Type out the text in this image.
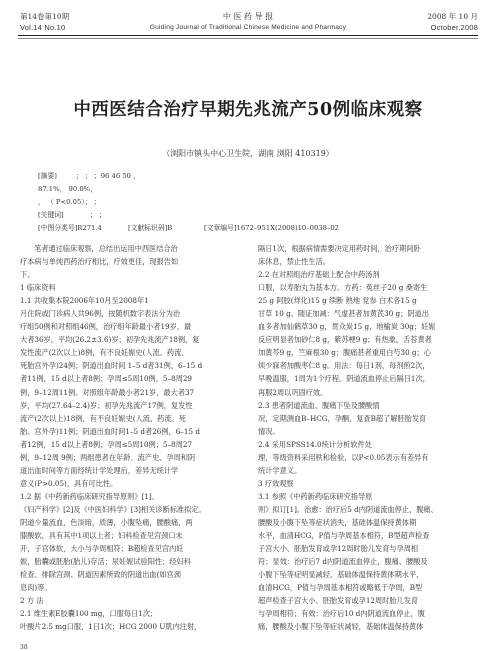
第14卷第10期
Vol.14 No.10
中 医 药 导 报
Guiding Journal of Traditional Chinese Medicine and Pharmacy
2008 年 10 月
October.2008
中西医结合治疗早期先兆流产50例临床观察
（浏阳市镇头中心卫生院，湖南 浏阳 410319）
[摘要]	； ； ；96 46 50 ，
87.1%， 90.0%，
， （ P<0.05）； ；
[关键词]	； ；
[中图分类号]R271.4	[文献标识码]B	[文章编号]1672–951X(2008)10–0038–02

笔者通过临床观察，总结出运用中西医结合治

疗本病与单纯西药治疗相比，疗效更佳，现报告如

下。

1 临床资料

1.1 共收集本院2006年10月至2008年1

月住院或门诊病人共96例，按随机数字表法分为治

疗组50例和对照组46例，治疗组年龄最小者19岁，最

大者36岁，平均(26.2±3.6)岁；初孕先兆流产18例，复

发性流产(2次以上)8例，有不良妊娠史(人流、药流、

死胎宫外孕)24例；阴道出血时间 1–5 d者31例，6–15 d

者11例，15 d以上者8例；孕周≤5周10例，5–8周29

例，9–12周11例。对照组年龄最小者21岁，最大者37

岁，平均(27.64–2.4)岁；初孕先兆流产17例，复发性

流产(2次以上)18例，有不良妊娠史(人流、药流、死

胎、宫外孕)11例；阴道出血时间1–5 d者26例，6–15 d

者12例，15 d以上者8例；孕周≤5周10例；5–8周27

例，9–12周 9例；两组患者在年龄、流产史、孕周和阴

道出血时间等方面经统计学处理后，差异无统计学

意义(P>0.05)，具有可比性。

1.2 据《中药新药临床研究指导原则》[1]、

《妇产科学》[2]及《中医妇科学》[3]相关诊断标准拟定。

阴道少量流血，色淡暗，质薄，小腹坠痛，腰酸痛，两

膝酸软，具有其中1项以上者；妇科检查见宫颈口未

开，子宫体软，大小与孕周相符；B超检查见宫内妊

娠，胎囊或胚胎(胎儿)存活；尿妊娠试验阳性；经妇科

检查、排除宫颈、阴道因素所致的阴道出血(如宫颈

息肉)等。

2 方 法

2.1 维生素E胶囊100 mg，口服每日1次；

叶酸片2.5 mg口服，1日1次；HCG 2000 U肌内注射，

隔日1次，根据病情需要决定用药时间，治疗期间卧

床休息，禁止性生活。

2.2 在对照组治疗基础上配合中药汤剂

口服，以寿胎丸为基本方。方药：菟丝子20 g 桑寄生

25 g 阿胶(烊化)15 g 续断 熟地 党参 白术各15 g

甘草 10 g。随证加减：气虚甚者加黄芪30 g；阴道出

血多者加仙鹤草30 g，贯众炭15 g，地榆炭 30g；妊娠

反应明显者加砂仁8 g，紫苏梗9 g；有热象，舌苔黄者

加黄芩9 g，竺麻根30 g；腹痛甚者重用白芍30 g；心

烦少寐者加酸枣仁8 g。用法：每日1剂，每剂煎2次，

早晚温服，1周为1个疗程。阴道流血停止后隔日1次，

再服2周以巩固疗效。

2.3 患者阴道流血、腹痛下坠及腰酸情

况，定期测血B–HCG，孕酮，复查B超了解胚胎发育

情况。

2.4 采用SPSS14.0统计分析软件处

理，等级资料采用秩和检验，以P<0.05表示有差异有

统计学意义。

3 疗效观察

3.1 参照《中药新药临床研究指导原

则》拟订[1]。治愈：治疗后5 d内阴道流血停止，腹痛、

腰酸及小腹下坠等症状消失，基础体温保持黄体期

水平，血清HCG，P值与孕周基本相符，B型超声检查

子宫大小、胚胎发育或孕12周时胎儿发育与孕周相

符；显效：治疗后7 d内阴道流血停止，腹痛、腰酸及

小腹下坠等症明显减轻，基础体温保持黄体期水平，

血清HCG，P值与孕周基本相符或略低于孕周，B型

超声检查子宫大小、胚胎发育或孕12周时胎儿发育

与孕周相符；有效：治疗后10 d内阴道流血停止，腹

痛，腰酸及小腹下坠等症状减轻，基础体温保持黄体

38
